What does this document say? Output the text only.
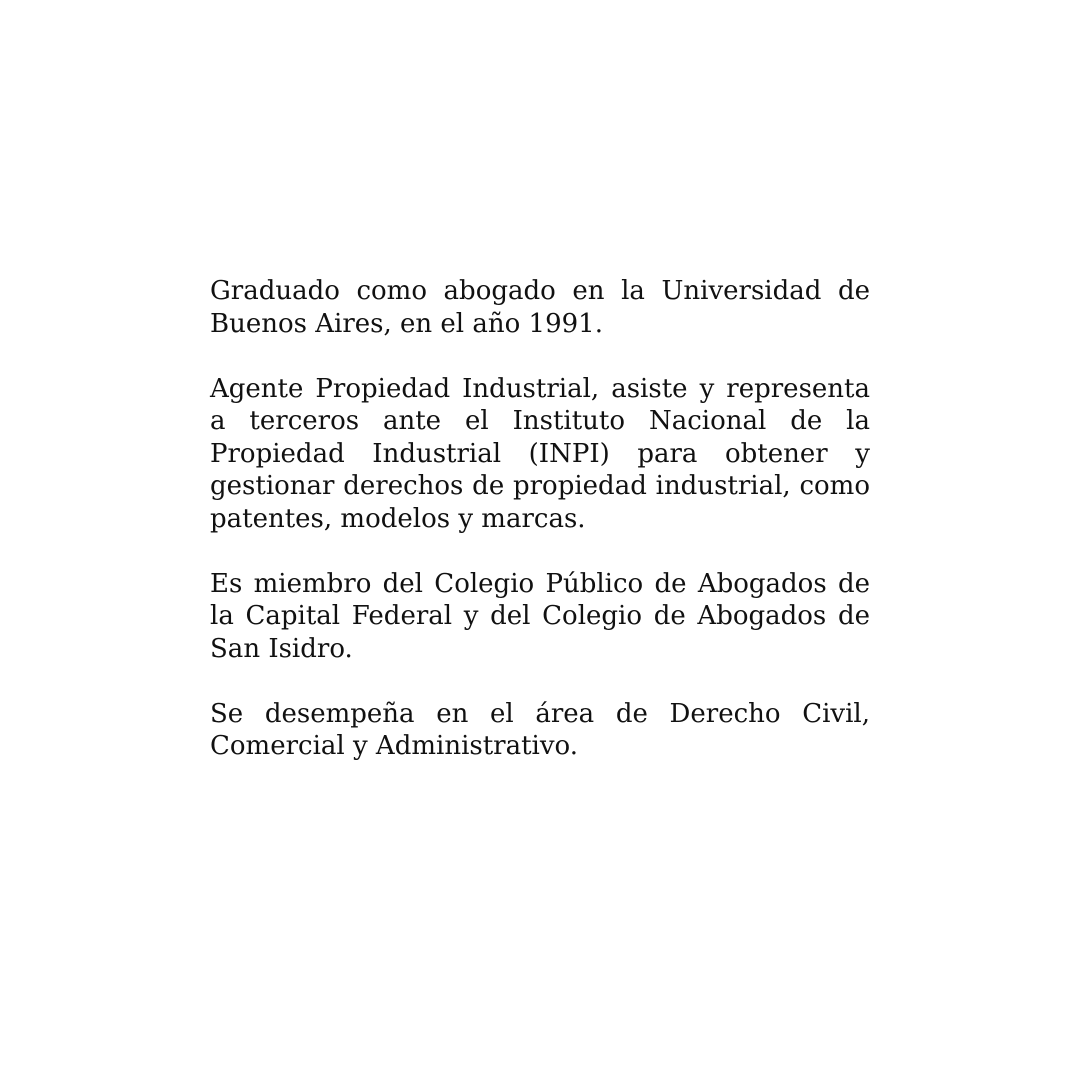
Graduado como abogado en la Universidad de Buenos Aires, en el año 1991.

Agente Propiedad Industrial, asiste y representa a terceros ante el Instituto Nacional de la Propiedad Industrial (INPI) para obtener y gestionar derechos de propiedad industrial, como patentes, modelos y marcas.

Es miembro del Colegio Público de Abogados de la Capital Federal y del Colegio de Abogados de San Isidro.

Se desempeña en el área de Derecho Civil, Comercial y Administrativo.
